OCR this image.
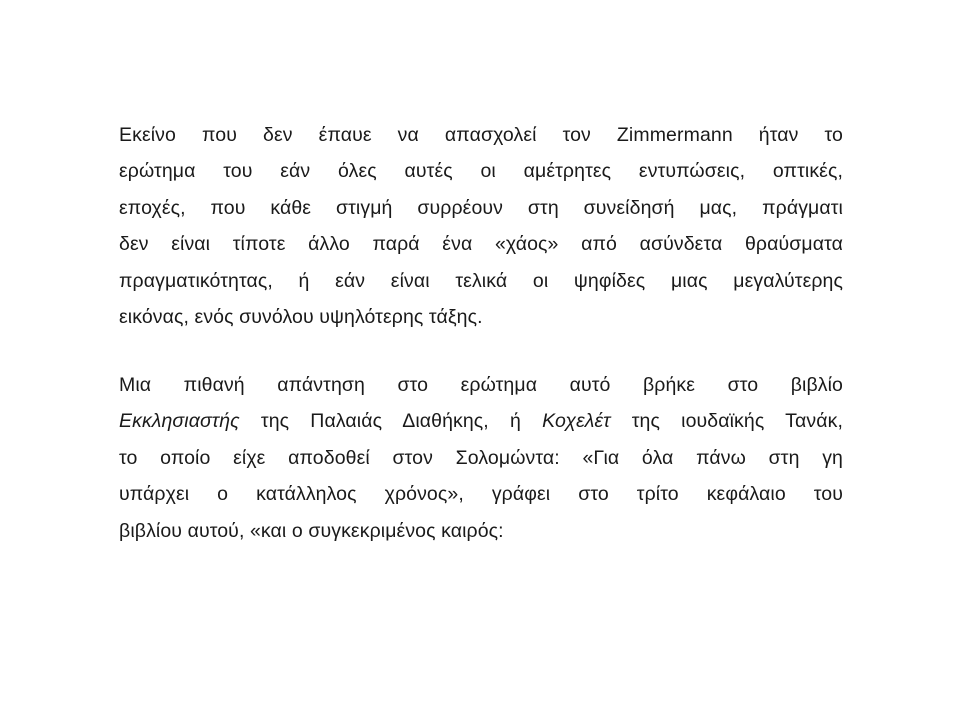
Εκείνο που δεν έπαυε να απασχολεί τον Zimmermann ήταν το
ερώτημα του εάν όλες αυτές οι αμέτρητες εντυπώσεις, οπτικές,
εποχές, που κάθε στιγμή συρρέουν στη συνείδησή μας, πράγματι
δεν είναι τίποτε άλλο παρά ένα «χάος» από ασύνδετα θραύσματα
πραγματικότητας, ή εάν είναι τελικά οι ψηφίδες μιας μεγαλύτερης
εικόνας, ενός συνόλου υψηλότερης τάξης.
Μια πιθανή απάντηση στο ερώτημα αυτό βρήκε στο βιβλίο
Εκκλησιαστής της Παλαιάς Διαθήκης, ή Κοχελέτ της ιουδαϊκής Τανάκ,
το οποίο είχε αποδοθεί στον Σολομώντα: «Για όλα πάνω στη γη
υπάρχει ο κατάλληλος χρόνος», γράφει στο τρίτο κεφάλαιο του
βιβλίου αυτού, «και ο συγκεκριμένος καιρός:
